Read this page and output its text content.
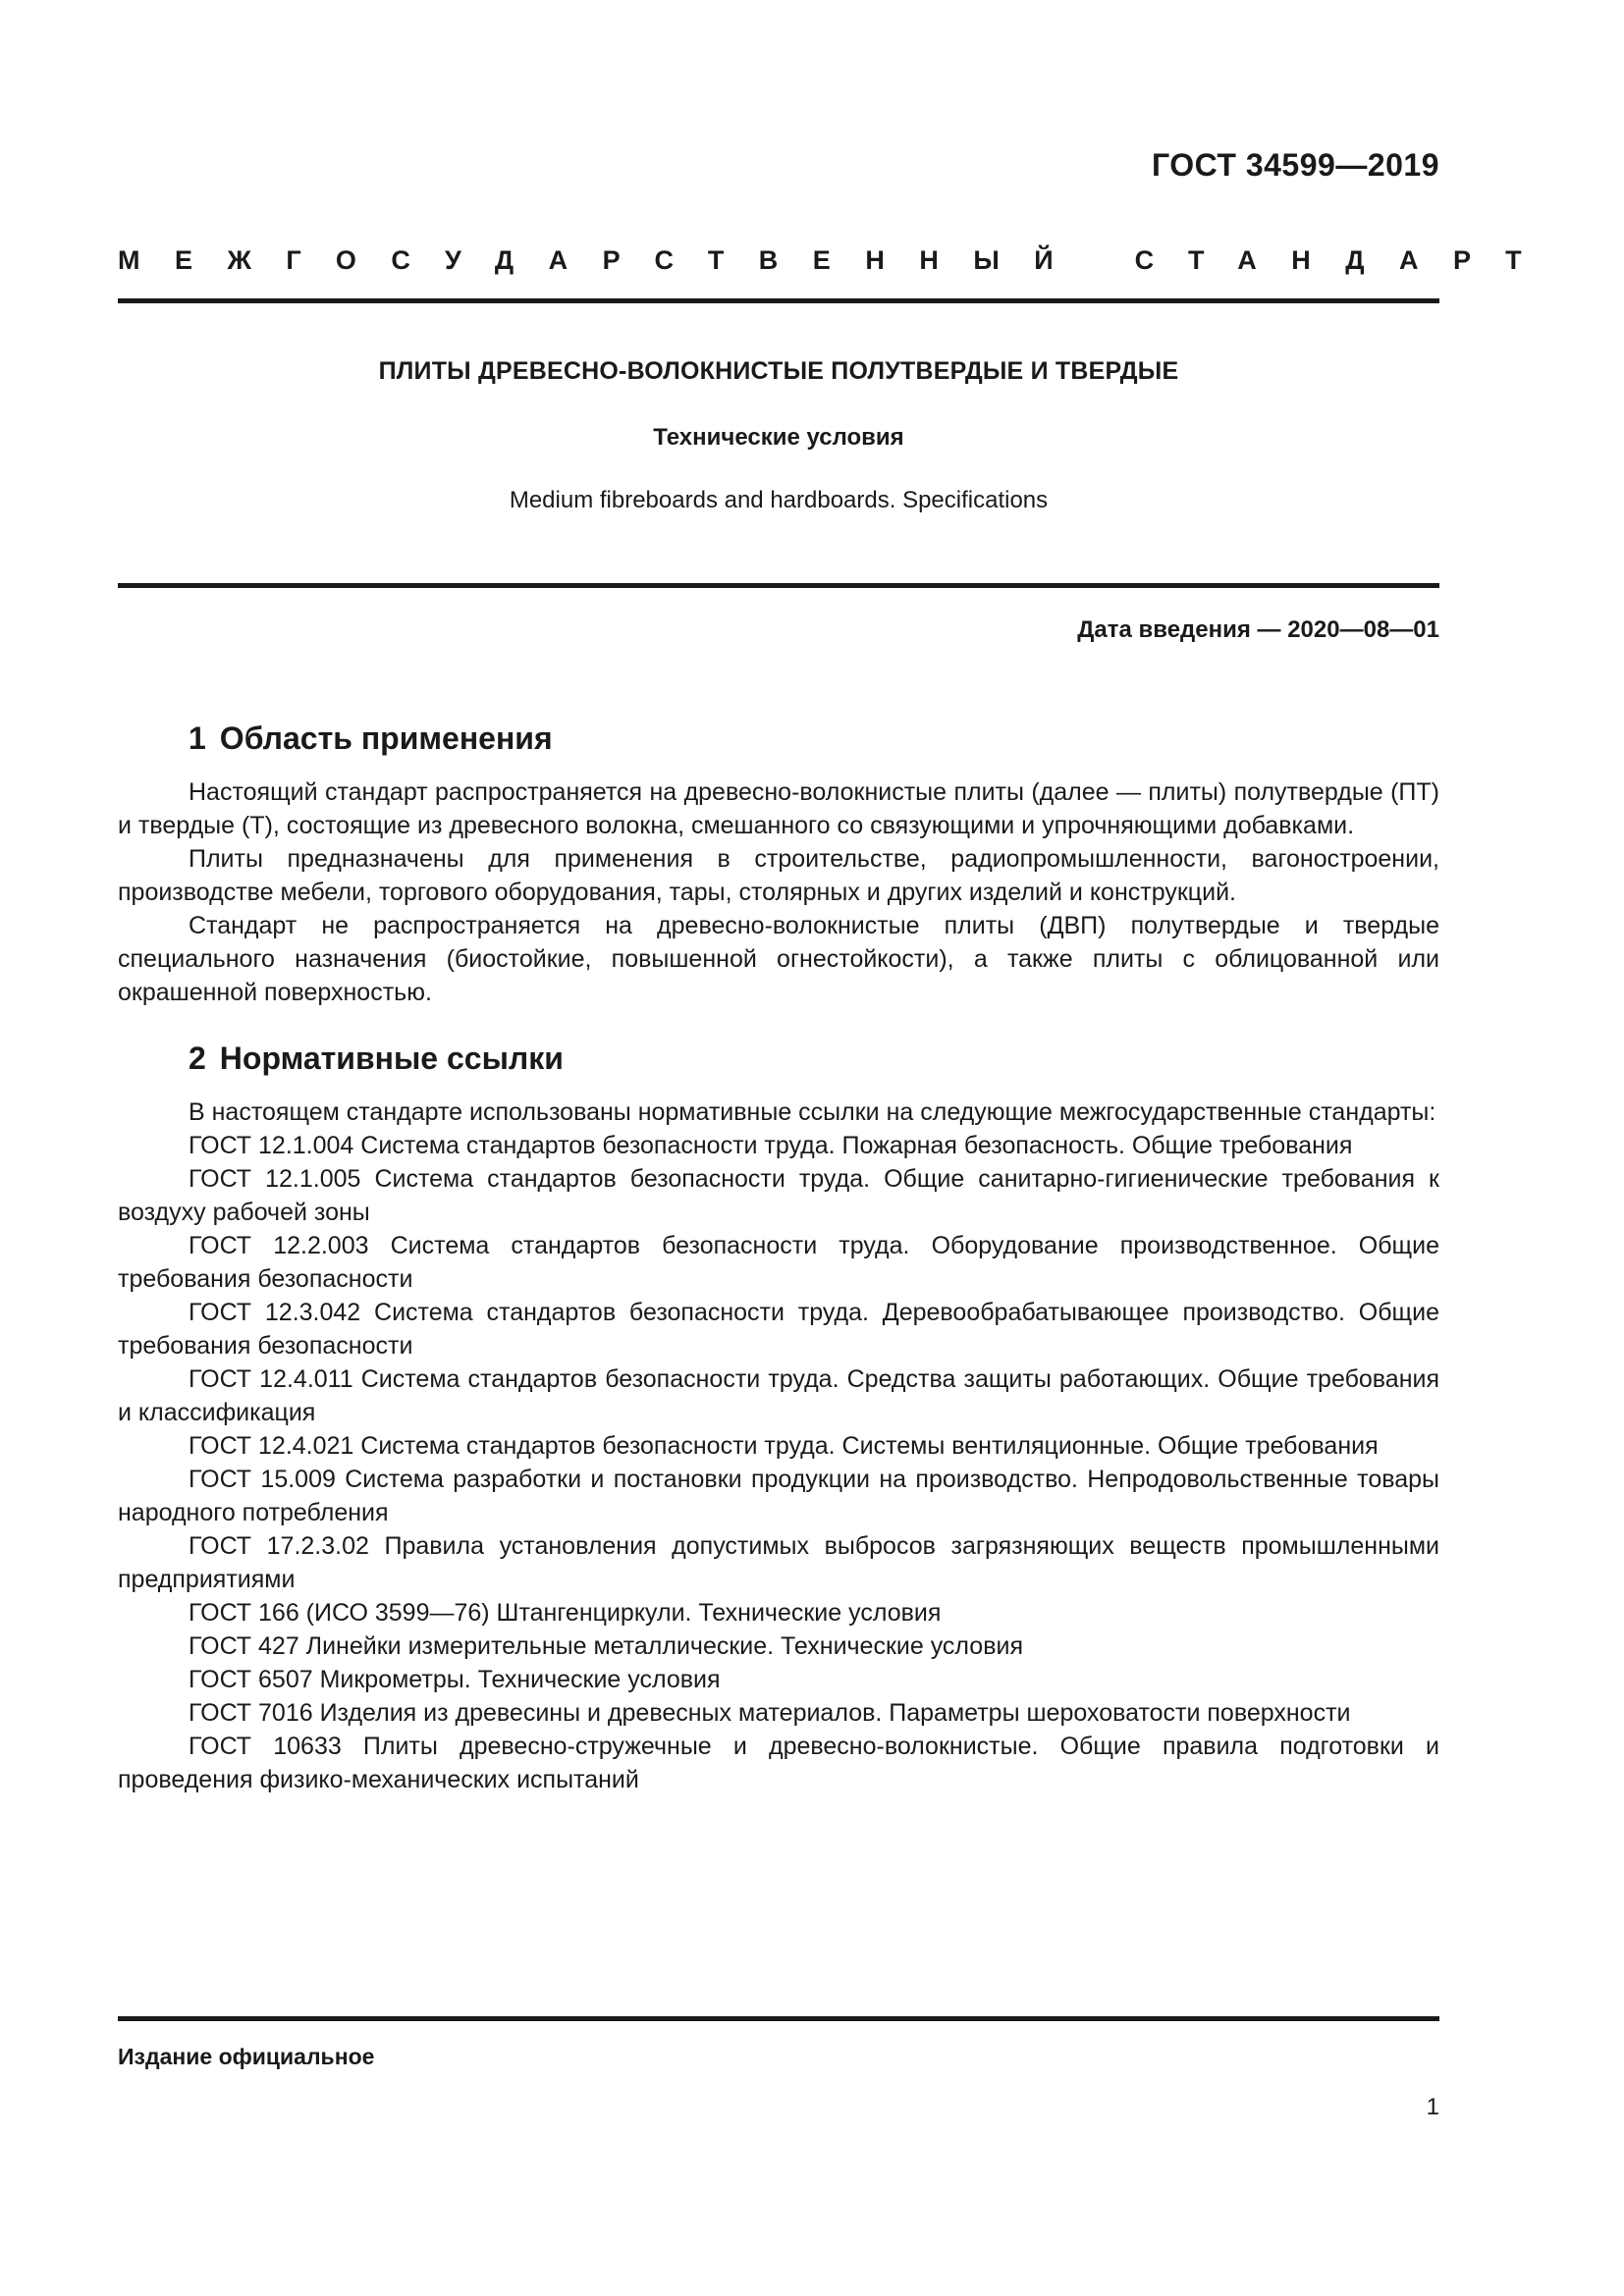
ГОСТ 34599—2019
МЕЖГОСУДАРСТВЕННЫЙ СТАНДАРТ
ПЛИТЫ ДРЕВЕСНО-ВОЛОКНИСТЫЕ ПОЛУТВЕРДЫЕ И ТВЕРДЫЕ
Технические условия
Medium fibreboards and hardboards. Specifications
Дата введения — 2020—08—01
1 Область применения

Настоящий стандарт распространяется на древесно-волокнистые плиты (далее — плиты) полутвердые (ПТ) и твердые (Т), состоящие из древесного волокна, смешанного со связующими и упрочняющими добавками.

Плиты предназначены для применения в строительстве, радиопромышленности, вагоностроении, производстве мебели, торгового оборудования, тары, столярных и других изделий и конструкций.

Стандарт не распространяется на древесно-волокнистые плиты (ДВП) полутвердые и твердые специального назначения (биостойкие, повышенной огнестойкости), а также плиты с облицованной или окрашенной поверхностью.

2 Нормативные ссылки

В настоящем стандарте использованы нормативные ссылки на следующие межгосударственные стандарты:

ГОСТ 12.1.004 Система стандартов безопасности труда. Пожарная безопасность. Общие требования

ГОСТ 12.1.005 Система стандартов безопасности труда. Общие санитарно-гигиенические требования к воздуху рабочей зоны

ГОСТ 12.2.003 Система стандартов безопасности труда. Оборудование производственное. Общие требования безопасности

ГОСТ 12.3.042 Система стандартов безопасности труда. Деревообрабатывающее производство. Общие требования безопасности

ГОСТ 12.4.011 Система стандартов безопасности труда. Средства защиты работающих. Общие требования и классификация

ГОСТ 12.4.021 Система стандартов безопасности труда. Системы вентиляционные. Общие требования

ГОСТ 15.009 Система разработки и постановки продукции на производство. Непродовольственные товары народного потребления

ГОСТ 17.2.3.02 Правила установления допустимых выбросов загрязняющих веществ промышленными предприятиями

ГОСТ 166 (ИСО 3599—76) Штангенциркули. Технические условия

ГОСТ 427 Линейки измерительные металлические. Технические условия

ГОСТ 6507 Микрометры. Технические условия

ГОСТ 7016 Изделия из древесины и древесных материалов. Параметры шероховатости поверхности

ГОСТ 10633 Плиты древесно-стружечные и древесно-волокнистые. Общие правила подготовки и проведения физико-механических испытаний

Издание официальное
1
